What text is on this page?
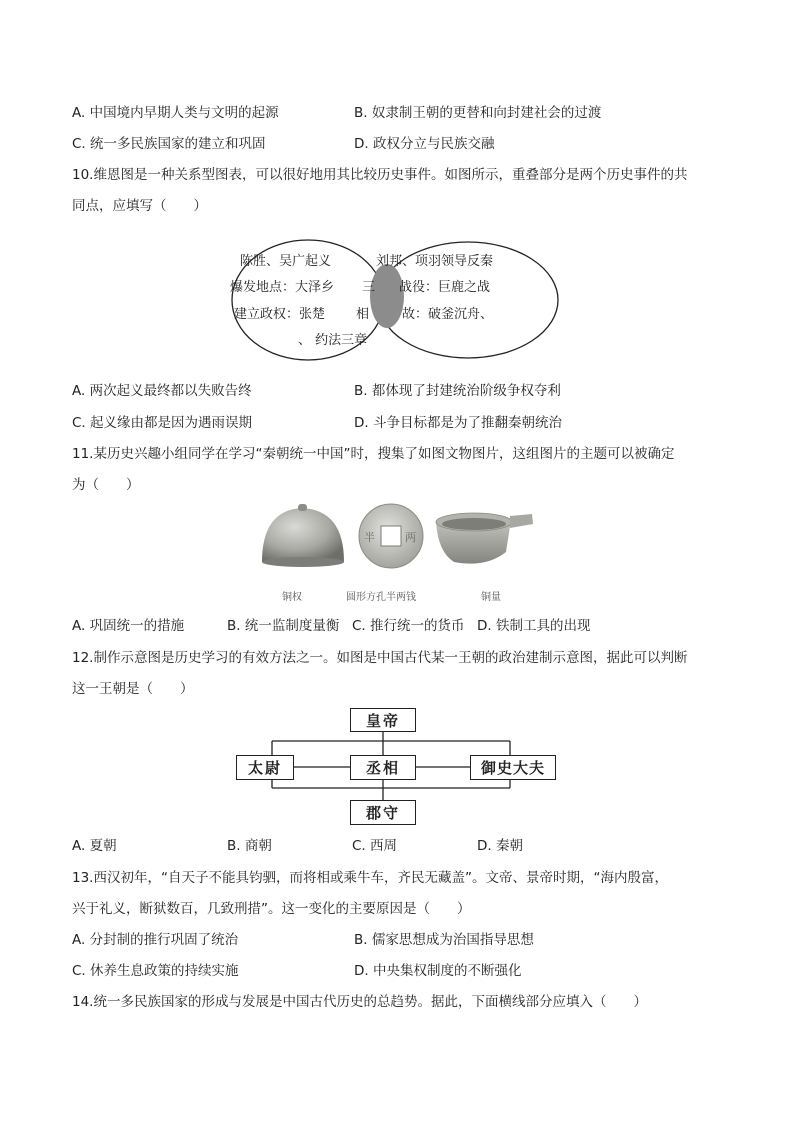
A. 中国境内早期人类与文明的起源	B. 奴隶制王朝的更替和向封建社会的过渡
C. 统一多民族国家的建立和巩固	D. 政权分立与民族交融
10.维恩图是一种关系型图表，可以很好地用其比较历史事件。如图所示，重叠部分是两个历史事件的共
同点，应填写（　　）
陈胜、吴广起义
爆发地点：大泽乡
建立政权：张楚
、 约法三章
刘邦、项羽领导反秦
战役：巨鹿之战
故：破釜沉舟、
三
相
A. 两次起义最终都以失败告终	B. 都体现了封建统治阶级争权夺利
C. 起义缘由都是因为遇雨误期	D. 斗争目标都是为了推翻秦朝统治
11.某历史兴趣小组同学在学习“秦朝统一中国”时，搜集了如图文物图片，这组图片的主题可以被确定
为（　　）
半	两
铜权	圆形方孔半两钱	铜量
A. 巩固统一的措施	B. 统一监制度量衡 C. 推行统一的货币 D. 铁制工具的出现
12.制作示意图是历史学习的有效方法之一。如图是中国古代某一王朝的政治建制示意图，据此可以判断
这一王朝是（　　）
皇帝
太尉	丞相	御史大夫
郡守
A. 夏朝	B. 商朝	C. 西周	D. 秦朝
13.西汉初年，“自天子不能具钧驷，而将相或乘牛车，齐民无藏盖”。文帝、景帝时期，“海内殷富，
兴于礼义，断狱数百，几致刑措”。这一变化的主要原因是（　　）
A. 分封制的推行巩固了统治	B. 儒家思想成为治国指导思想
C. 休养生息政策的持续实施	D. 中央集权制度的不断强化
14.统一多民族国家的形成与发展是中国古代历史的总趋势。据此，下面横线部分应填入（　　）
